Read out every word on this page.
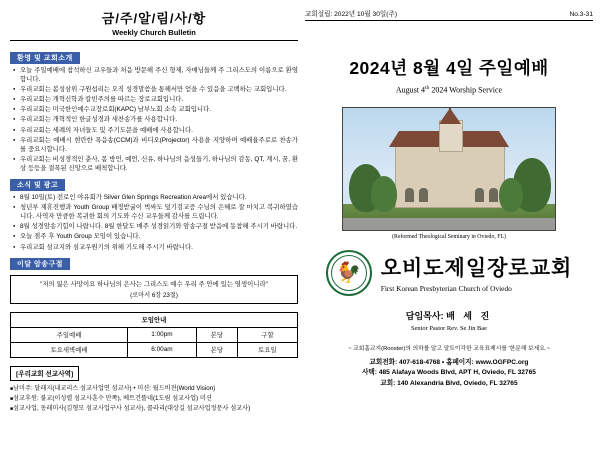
금/주/알/림/사/항
Weekly Church Bulletin
환영 및 교회소개
● 오늘 주일예배에 참석하신 교우들과 처음 방문해 주신 형제, 자매님들께 주 그리스도의 이름으로 환영합니다.
● 우리교회는 봄성삼위 구원섭리는 오직 성경말씀을 통해서만 얻을 수 있음을 고백하는 교회입니다.
● 우리교회는 개혁신학과 칼빈주의를 따르는 장로교회입니다.
● 우리교회는 미국한인예수교장로회(KAPC) 남부노회 소속 교회입니다.
● 우리교회는 개혁적인 한글성경과 새찬송가를 사용합니다.
● 우리교회는 세례의 자녀들도 및 주기도문을 예배에 사용합니다.
● 우리교회는 예배시 현란한 폭음송(CCM)과 비디오(Projector) 사용을 지양하며 예배율주로로 찬송가를 중요시합니다.
● 우리교회는 비성경적인 춘사, 몸 방언, 예언, 신유, 하나님의 음성들기, 하나님의 감동, QT, 계시, 꿈, 환상 등등을 결폭된 신앙으로 배척합니다.
소식 및 광고
● 8월 10일(토) 전로인 야유회가 Silver Glen Springs Recreation Area에서 있습니다.
● 청년부 제휴진행과 Youth Group 배정받굴이 벅싸도 덮기검교증 수님의 은혜로 잘 마치고 복귀하였습니다. 사역자 만큼한 복귀한 회의 기도와 수신 교우들께 감사를 드립니다.
● 8월 성경암송기힘이 나랍니다. 8월 한달도 매주 성경읽기와 암송구절 받음에 동참해 주시기 바랍니다.
● 오늘 점주 후 Youth Group 모임이 있습니다.
● 우리교회 섬교지와 섬교우원기의 위해 기도해 주시기 바랍니다.
이달 암송구절
"저의 잃은 사망이요 하나님의 은사는 그리스도 예수 우리 주 안에 있는 영생이니라"
(로마서 6장 23절)
모임안내			
주일예배	1:00pm	본당	구할
토요새벽예배	6:00am	본당	토요일
[우리교회 선교사역]
■ 남미주: 달래지(내교리스 섬교사업연 섬교사) • 미션: 월드비젼(World Vision)
■ 섬교후원: 불교(이성렬 섬교사훈수 만쪽), 베트건뜰네(1도림 섬교사업) 미션
■ 섬교사업, 동레미사(김형모 섬교사업구사 섬교사), 콜라리(대상길 섬교사업정문사 섬교사)
교회설립: 2022년 10월 30일(주)	No.3-31
2024년 8월 4일 주일예배
August 4th 2024 Worship Service
(Reformed Theological Seminary in Oviedo, FL)
🐓 오비도제일장로교회
First Korean Presbyterian Church of Oviedo
담임목사: 배 세 진
Senior Pastor Rev. Se Jin Bae
~ 교회홈교지(Rooster)의 의하를 알고 알트이각한 교육표제시를 '한문해 보세요.~
교회전화: 407-618-4768 • 홈페이지: www.OGFPC.org
사택: 485 Alafaya Woods Blvd, APT H, Oviedo, FL 32765
교회: 140 Alexandria Blvd, Oviedo, FL 32765
